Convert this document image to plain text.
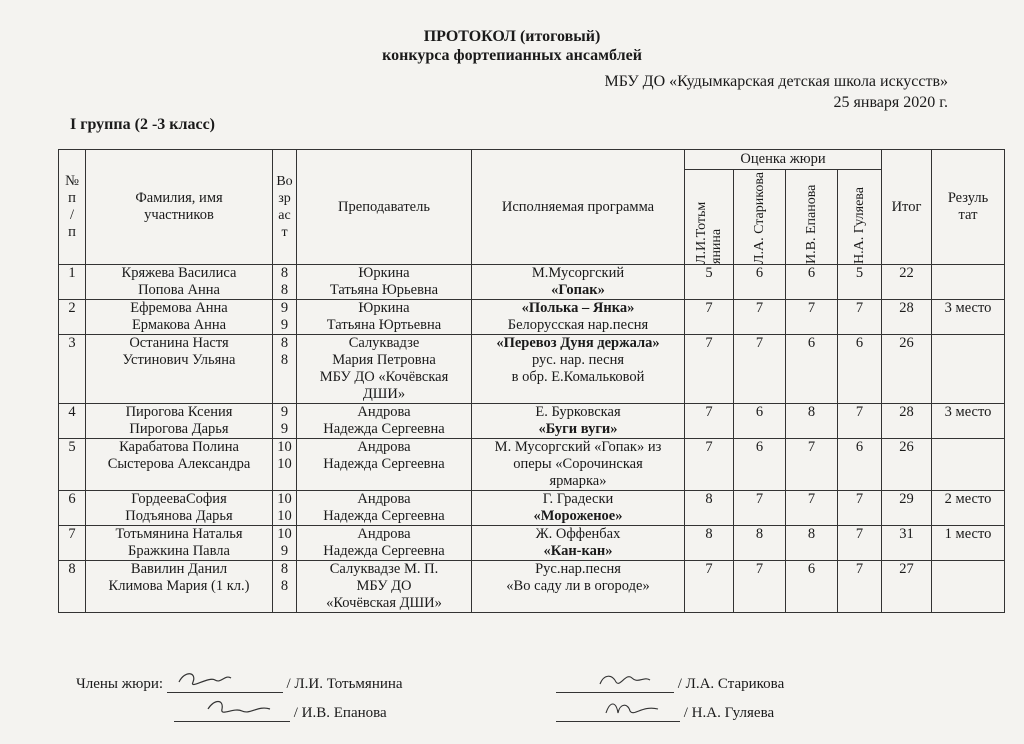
ПРОТОКОЛ (итоговый)
конкурса фортепианных ансамблей
МБУ ДО «Кудымкарская детская школа искусств»
25 января 2020 г.
I группа (2 -3 класс)
№
п
/
п	Фамилия, имя
участников	Во
зр
ас
т	Преподаватель	Исполняемая программа	Оценка жюри				Итог	Резуль
тат

					Л.И.Тотьм янина	Л.А. Старикова	И.В. Епанова	Н.А. Гуляева		

1	Кряжева Василиса
Попова Анна	8
8	Юркина
Татьяна Юрьевна	М.Мусоргский
«Гопак»	5	6	6	5	22	
2	Ефремова Анна
Ермакова Анна	9
9	Юркина
Татьяна Юртьевна	«Полька – Янка»
Белорусская нар.песня	7	7	7	7	28	3 место
3	Останина Настя
Устинович Ульяна	8
8	Салуквадзе
Мария Петровна
МБУ ДО «Кочёвская
ДШИ»	«Перевоз Дуня держала»
рус. нар. песня
в обр. Е.Комальковой	7	7	6	6	26	
4	Пирогова Ксения
Пирогова Дарья	9
9	Андрова
Надежда Сергеевна	Е. Бурковская
«Буги вуги»	7	6	8	7	28	3 место
5	Карабатова Полина
Сыстерова Александра	10
10	Андрова
Надежда Сергеевна	М. Мусоргский «Гопак» из
оперы «Сорочинская
ярмарка»	7	6	7	6	26	
6	ГордееваСофия
Подъянова Дарья	10
10	Андрова
Надежда Сергеевна	Г. Градески
«Мороженое»	8	7	7	7	29	2 место
7	Тотьмянина Наталья
Бражкина Павла	10
9	Андрова
Надежда Сергеевна	Ж. Оффенбах
«Кан-кан»	8	8	8	7	31	1 место
8	Вавилин Данил
Климова Мария (1 кл.)	8
8	Салуквадзе М. П.
МБУ ДО
«Кочёвская ДШИ»	Рус.нар.песня
«Во саду ли в огороде»	7	7	6	7	27	
Члены жюри:	/ Л.И. Тотьмянина	/ Л.А. Старикова
/ И.В. Епанова	/ Н.А. Гуляева
